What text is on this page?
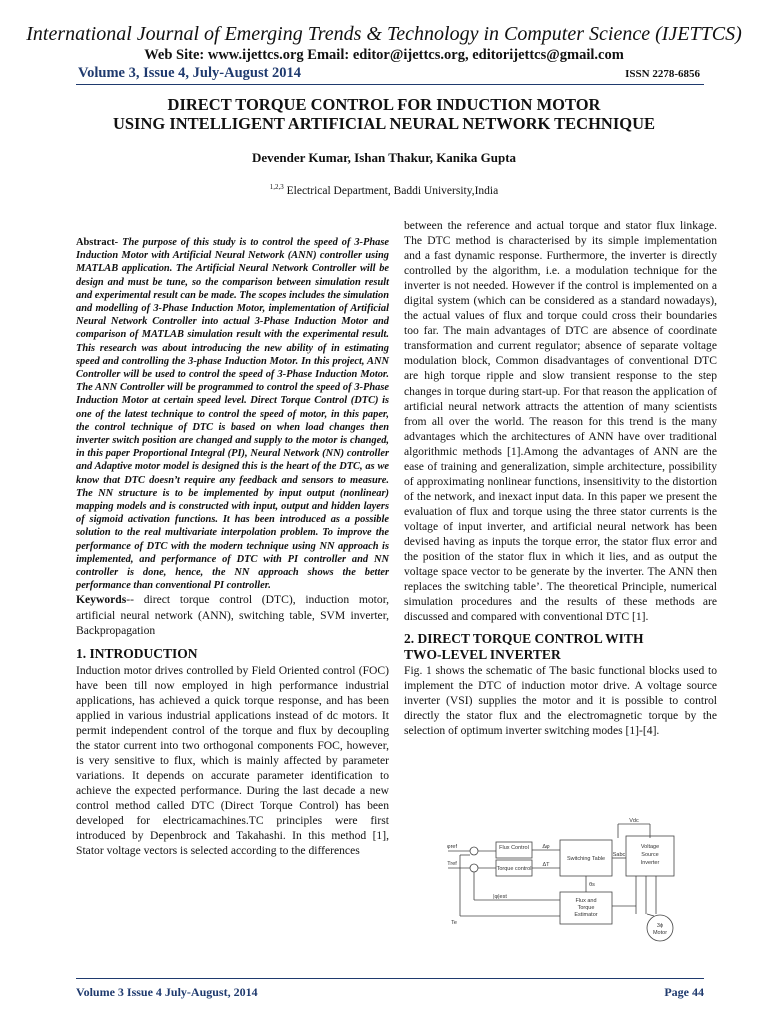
International Journal of Emerging Trends & Technology in Computer Science (IJETTCS)
Web Site: www.ijettcs.org Email: editor@ijettcs.org, editorijettcs@gmail.com
Volume 3, Issue 4, July-August 2014	ISSN 2278-6856
DIRECT TORQUE CONTROL FOR INDUCTION MOTOR
USING INTELLIGENT ARTIFICIAL NEURAL NETWORK TECHNIQUE
Devender Kumar, Ishan Thakur, Kanika Gupta
$^{1,2,3}$ Electrical Department, Baddi University,India
Abstract- The purpose of this study is to control the speed of 3-Phase Induction Motor with Artificial Neural Network (ANN) controller using MATLAB application. The Artificial Neural Network Controller will be design and must be tune, so the comparison between simulation result and experimental result can be made. The scopes includes the simulation and modelling of 3-Phase Induction Motor, implementation of Artificial Neural Network Controller into actual 3-Phase Induction Motor and comparison of MATLAB simulation result with the experimental result. This research was about introducing the new ability of in estimating speed and controlling the 3-phase Induction Motor. In this project, ANN Controller will be used to control the speed of 3-Phase Induction Motor. The ANN Controller will be programmed to control the speed of 3-Phase Induction Motor at certain speed level. Direct Torque Control (DTC) is one of the latest technique to control the speed of motor, in this paper, the control technique of DTC is based on when load changes then inverter switch position are changed and supply to the motor is changed, in this paper Proportional Integral (PI), Neural Network (NN) controller and Adaptive motor model is designed this is the heart of the DTC, as we know that DTC doesn’t require any feedback and sensors to measure. The NN structure is to be implemented by input output (nonlinear) mapping models and is constructed with input, output and hidden layers of sigmoid activation functions. It has been introduced as a possible solution to the real multivariate interpolation problem. To improve the performance of DTC with the modern technique using NN approach is implemented, and performance of DTC with PI controller and NN controller is done, hence, the NN approach shows the better performance than conventional PI controller.
Keywords-- direct torque control (DTC), induction motor, artificial neural network (ANN), switching table, SVM inverter, Backpropagation
1. INTRODUCTION
Induction motor drives controlled by Field Oriented control (FOC) have been till now employed in high performance industrial applications, has achieved a quick torque response, and has been applied in various industrial applications instead of dc motors. It permit independent control of the torque and flux by decoupling the stator current into two orthogonal components FOC, however, is very sensitive to flux, which is mainly affected by parameter variations. It depends on accurate parameter identification to achieve the expected performance. During the last decade a new control method called DTC (Direct Torque Control) has been developed for electricamachines.TC principles were first introduced by Depenbrock and Takahashi. In this method [1], Stator voltage vectors is selected according to the differences
between the reference and actual torque and stator flux linkage. The DTC method is characterised by its simple implementation and a fast dynamic response. Furthermore, the inverter is directly controlled by the algorithm, i.e. a modulation technique for the inverter is not needed. However if the control is implemented on a digital system (which can be considered as a standard nowadays), the actual values of flux and torque could cross their boundaries too far. The main advantages of DTC are absence of coordinate transformation and current regulator; absence of separate voltage modulation block, Common disadvantages of conventional DTC are high torque ripple and slow transient response to the step changes in torque during start-up. For that reason the application of artificial neural network attracts the attention of many scientists from all over the world. The reason for this trend is the many advantages which the architectures of ANN have over traditional algorithmic methods [1].Among the advantages of ANN are the ease of training and generalization, simple architecture, possibility of approximating nonlinear functions, insensitivity to the distortion of the network, and inexact input data. In this paper we present the evaluation of flux and torque using the three stator currents is the voltage of input inverter, and artificial neural network has been devised having as inputs the torque error, the stator flux error and the position of the stator flux in which it lies, and as output the voltage space vector to be generate by the inverter. The ANN then replaces the switching table’. The theoretical Principle, numerical simulation procedures and the results of these methods are discussed and compared with conventional DTC [1].
2. DIRECT TORQUE CONTROL WITH
TWO-LEVEL INVERTER
Fig. 1 shows the schematic of The basic functional blocks used to implement the DTC of induction motor drive. A voltage source inverter (VSI) supplies the motor and it is possible to control directly the stator flux and the electromagnetic torque by the selection of optimum inverter switching modes [1]-[4].
Flux Control
Torque control
Switching Table
Voltage
Source
Inverter
Flux and
Torque
Estimator
3ϕ
Motor
Vdc
φref
Tref
Δφ
ΔT
Sabc
θs
|φ|est
Te
Volume 3 Issue 4 July-August, 2014	Page 44
